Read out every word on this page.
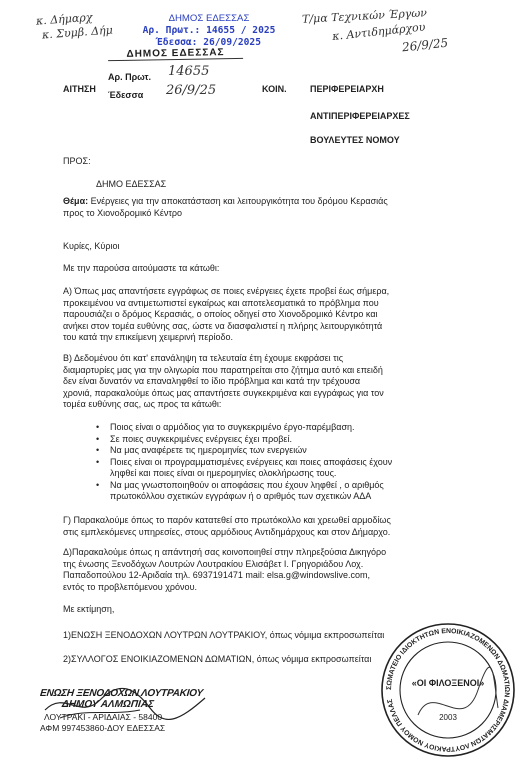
κ. Δήμαρχ
κ. Συμβ. Δήμ
ΔΗΜΟΣ ΕΔΕΣΣΑΣ
Αρ. Πρωτ.: 14655 / 2025
Έδεσσα: 26/09/2025
Τ/μα Τεχνικών Έργων
κ. Αντιδημάρχου
26/9/25
ΔΗΜΟΣ ΕΔΕΣΣΑΣ
Αρ. Πρωτ. 14655
Έδεσσα 26/9/25
ΑΙΤΗΣΗ	ΚΟΙΝ.	ΠΕΡΙΦΕΡΕΙΑΡΧΗ
ΑΝΤΙΠΕΡΙΦΕΡΕΙΑΡΧΕΣ
ΒΟΥΛΕΥΤΕΣ ΝΟΜΟΥ
ΠΡΟΣ:
ΔΗΜΟ ΕΔΕΣΣΑΣ
Θέμα: Ενέργειες για την αποκατάσταση και λειτουργικότητα του δρόμου Κερασιάς
προς το Χιονοδρομικό Κέντρο
Κυρίες, Κύριοι
Με την παρούσα αιτούμαστε τα κάτωθι:
Α) Όπως μας απαντήσετε εγγράφως σε ποιες ενέργειες έχετε προβεί έως σήμερα,
προκειμένου να αντιμετωπιστεί εγκαίρως και αποτελεσματικά το πρόβλημα που
παρουσιάζει ο δρόμος Κερασιάς, ο οποίος οδηγεί στο Χιονοδρομικό Κέντρο και
ανήκει στον τομέα ευθύνης σας, ώστε να διασφαλιστεί η πλήρης λειτουργικότητά
του κατά την επικείμενη χειμερινή περίοδο.
Β) Δεδομένου ότι κατ' επανάληψη τα τελευταία έτη έχουμε εκφράσει τις
διαμαρτυρίες μας για την ολιγωρία που παρατηρείται στο ζήτημα αυτό και επειδή
δεν είναι δυνατόν να επαναληφθεί το ίδιο πρόβλημα και κατά την τρέχουσα
χρονιά, παρακαλούμε όπως μας απαντήσετε συγκεκριμένα και εγγράφως για τον
τομέα ευθύνης σας, ως προς τα κάτωθι:
• Ποιος είναι ο αρμόδιος για το συγκεκριμένο έργο-παρέμβαση.
• Σε ποιες συγκεκριμένες ενέργειες έχει προβεί.
• Να μας αναφέρετε τις ημερομηνίες των ενεργειών
• Ποιες είναι οι προγραμματισμένες ενέργειες και ποιες αποφάσεις έχουν
ληφθεί και ποιες είναι οι ημερομηνίες ολοκλήρωσης τους.
• Να μας γνωστοποιηθούν οι αποφάσεις που έχουν ληφθεί , ο αριθμός
πρωτοκόλλου σχετικών εγγράφων ή ο αριθμός των σχετικών ΑΔΑ
Γ) Παρακαλούμε όπως το παρόν κατατεθεί στο πρωτόκολλο και χρεωθεί αρμοδίως
στις εμπλεκόμενες υπηρεσίες, στους αρμόδιους Αντιδημάρχους και στον Δήμαρχο.
Δ)Παρακαλούμε όπως η απάντησή σας κοινοποιηθεί στην πληρεξούσια Δικηγόρο
της ένωσης Ξενοδόχων Λουτρών Λουτρακίου Ελισάβετ Ι. Γρηγοριάδου Λοχ.
Παπαδοπούλου 12-Αριδαία τηλ. 6937191471 mail: elsa.g@windowslive.com,
εντός το προβλεπόμενου χρόνου.
Με εκτίμηση,
1)ΕΝΩΣΗ ΞΕΝΟΔΟΧΩΝ ΛΟΥΤΡΩΝ ΛΟΥΤΡΑΚΙΟΥ, όπως νόμιμα εκπροσωπείται
2)ΣΥΛΛΟΓΟΣ ΕΝΟΙΚΙΑΖΟΜΕΝΩΝ ΔΩΜΑΤΙΩΝ, όπως νόμιμα εκπροσωπείται
ΕΝΩΣΗ ΞΕΝΟΔΟΧΩΝ ΛΟΥΤΡΑΚΙΟΥ
ΔΗΜΟΥ ΑΛΜΩΠΙΑΣ
ΛΟΥΤΡΑΚΙ - ΑΡΙΔΑΙΑΣ - 58400
ΑΦΜ 997453860-ΔΟΥ ΕΔΕΣΣΑΣ
ΣΩΜΑΤΕΙΟ ΙΔΙΟΚΤΗΤΩΝ ΕΝΟΙΚΙΑΖΟΜΕΝΩΝ ΔΩΜΑΤΙΩΝ ΔΙΑΜΕΡΙΣΜΑΤΩΝ ΛΟΥΤΡΑΚΙΟΥ ΝΟΜΟΥ ΠΕΛΛΑΣ
«ΟΙ ΦΙΛΟΞΕΝΟΙ»
2003
